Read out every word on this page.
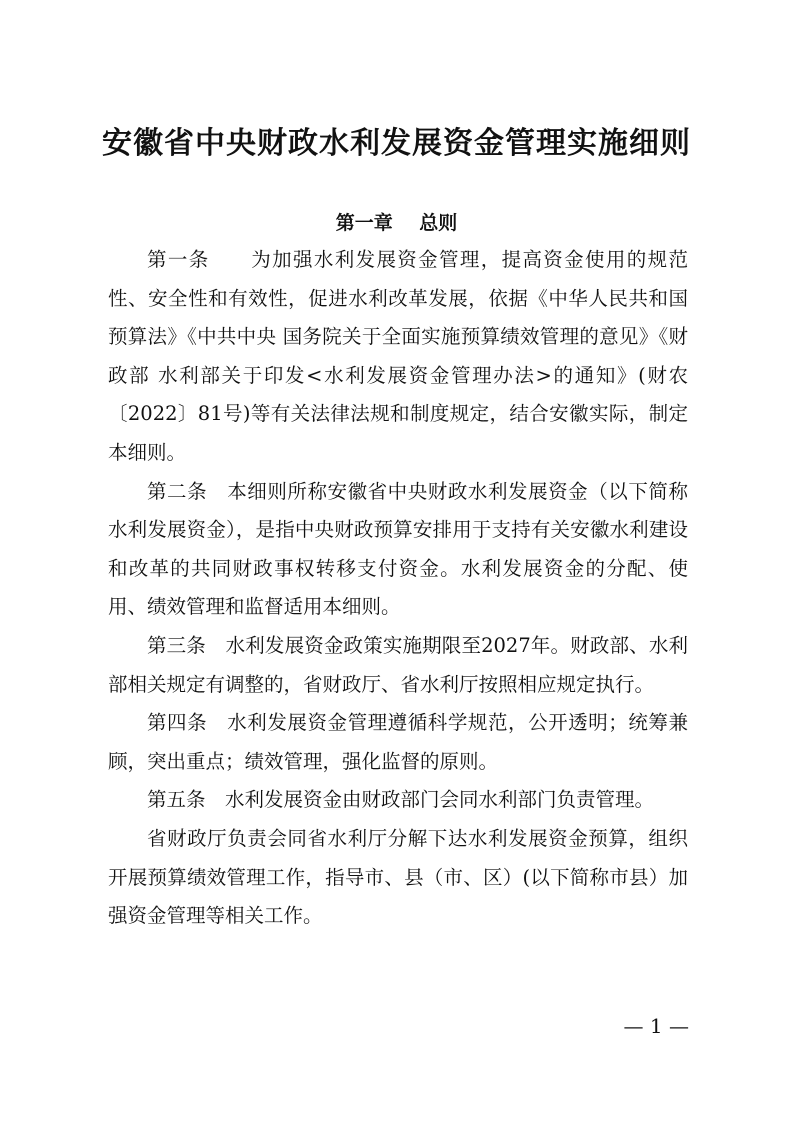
安徽省中央财政水利发展资金管理实施细则
第一章    总则

第一条　　 为加强水利发展资金管理，提高资金使用的规范性、安全性和有效性，促进水利改革发展，依据《中华人民共和国预算法》《中共中央 国务院关于全面实施预算绩效管理的意见》《财政部 水利部关于印发<水利发展资金管理办法>的通知》(财农〔2022〕81号)等有关法律法规和制度规定，结合安徽实际，制定本细则。

第二条　 本细则所称安徽省中央财政水利发展资金（以下简称水利发展资金），是指中央财政预算安排用于支持有关安徽水利建设和改革的共同财政事权转移支付资金。水利发展资金的分配、使用、绩效管理和监督适用本细则。

第三条　 水利发展资金政策实施期限至2027年。财政部、水利部相关规定有调整的，省财政厅、省水利厅按照相应规定执行。

第四条　 水利发展资金管理遵循科学规范，公开透明；统筹兼顾，突出重点；绩效管理，强化监督的原则。

第五条　 水利发展资金由财政部门会同水利部门负责管理。

省财政厅负责会同省水利厅分解下达水利发展资金预算，组织开展预算绩效管理工作，指导市、县（市、区）(以下简称市县）加强资金管理等相关工作。

— 1 —
